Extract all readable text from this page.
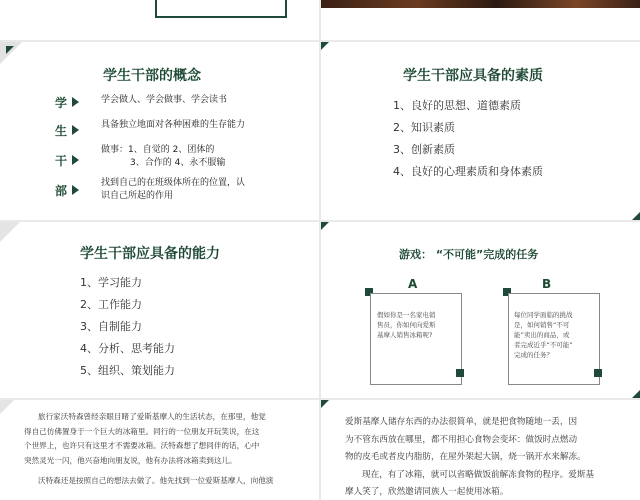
学生干部的概念
学	学会做人、学会做事、学会读书
生	具备独立地面对各种困难的生存能力
干
做事：1、自觉的 2、团体的
3、合作的 4、永不服输
部
找到自己的在班级体所在的位置，认
识自己所起的作用
学生干部应具备的素质
1、良好的思想、道德素质
2、知识素质
3、创新素质
4、良好的心理素质和身体素质
学生干部应具备的能力
1、学习能力
2、工作能力
3、自制能力
4、分析、思考能力
5、组织、策划能力
游戏： “不可能”完成的任务
A
假如你是一名家电销
售员，你如何向爱斯
基摩人销售冰箱呢?
B
每位同学面临的挑战
是，如何销售“不可
能”卖出的商品，或
者完成近乎“不可能”
完成的任务？
旅行家沃特森曾经亲眼目睹了爱斯基摩人的生活状态，在那里，他觉
得自己仿佛置身于一个巨大的冰箱里。同行的一位朋友开玩笑说，在这
个世界上，也许只有这里才不需要冰箱。沃特森想了想同伴的话，心中
突然灵光一闪，他兴奋地向朋友说，他有办法将冰箱卖到这儿。
沃特森还是按照自己的想法去做了。他先找到一位爱斯基摩人，向他演
爱斯基摩人储存东西的办法很简单，就是把食物随地一丢，因
为不管东西放在哪里，都不用担心食物会变坏：做饭时点燃动
物的皮毛或者皮内脂肪，在屋外架起大锅，烧一锅开水来解冻。
现在，有了冰箱，就可以省略做饭前解冻食物的程序。爱斯基
摩人笑了，欣然邀请同族人一起使用冰箱。
